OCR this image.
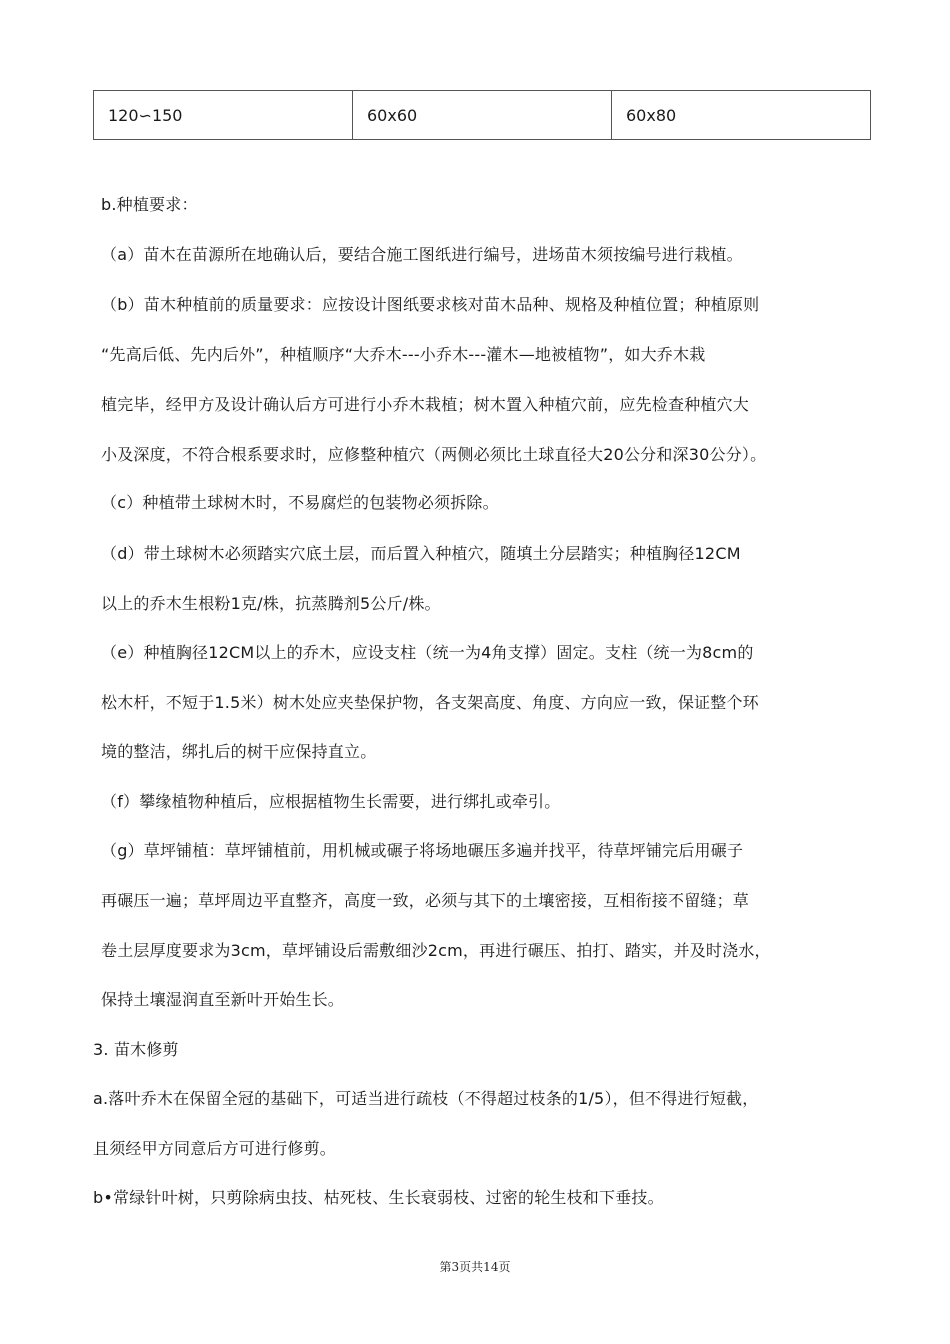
120∽150	60x60	60x80
b.种植要求：
（a）苗木在苗源所在地确认后，要结合施工图纸进行编号，进场苗木须按编号进行栽植。
（b）苗木种植前的质量要求：应按设计图纸要求核对苗木品种、规格及种植位置；种植原则
“先高后低、先内后外”，种植顺序“大乔木---小乔木---灌木—地被植物”，如大乔木栽
植完毕，经甲方及设计确认后方可进行小乔木栽植；树木置入种植穴前，应先检查种植穴大
小及深度，不符合根系要求时，应修整种植穴（两侧必须比土球直径大20公分和深30公分）。
（c）种植带土球树木时，不易腐烂的包装物必须拆除。
（d）带土球树木必须踏实穴底土层，而后置入种植穴，随填土分层踏实；种植胸径12CM
以上的乔木生根粉1克/株，抗蒸腾剂5公斤/株。
（e）种植胸径12CM以上的乔木，应设支柱（统一为4角支撑）固定。支柱（统一为8cm的
松木杆，不短于1.5米）树木处应夹垫保护物，各支架高度、角度、方向应一致，保证整个环
境的整洁，绑扎后的树干应保持直立。
（f）攀缘植物种植后，应根据植物生长需要，进行绑扎或牵引。
（g）草坪铺植：草坪铺植前，用机械或碾子将场地碾压多遍并找平，待草坪铺完后用碾子
再碾压一遍；草坪周边平直整齐，高度一致，必须与其下的土壤密接，互相衔接不留缝；草
卷土层厚度要求为3cm，草坪铺设后需敷细沙2cm，再进行碾压、拍打、踏实，并及时浇水，
保持土壤湿润直至新叶开始生长。
3. 苗木修剪
a.落叶乔木在保留全冠的基础下，可适当进行疏枝（不得超过枝条的1/5），但不得进行短截，
且须经甲方同意后方可进行修剪。
b•常绿针叶树，只剪除病虫技、枯死枝、生长衰弱枝、过密的轮生枝和下垂技。
第3页共14页
